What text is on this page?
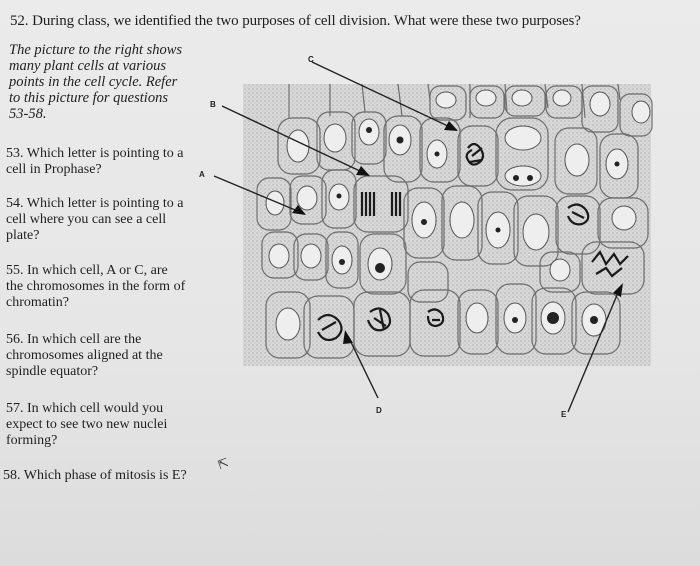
52. During class, we identified the two purposes of cell division. What were these two purposes?
The picture to the right shows many plant cells at various points in the cell cycle. Refer to this picture for questions 53-58.
53. Which letter is pointing to a cell in Prophase?
54. Which letter is pointing to a cell where you can see a cell plate?
55. In which cell, A or C, are the chromosomes in the form of chromatin?
56. In which cell are the chromosomes aligned at the spindle equator?
57. In which cell would you expect to see two new nuclei forming?
58. Which phase of mitosis is E?
C
B
A
D	E
⇱
